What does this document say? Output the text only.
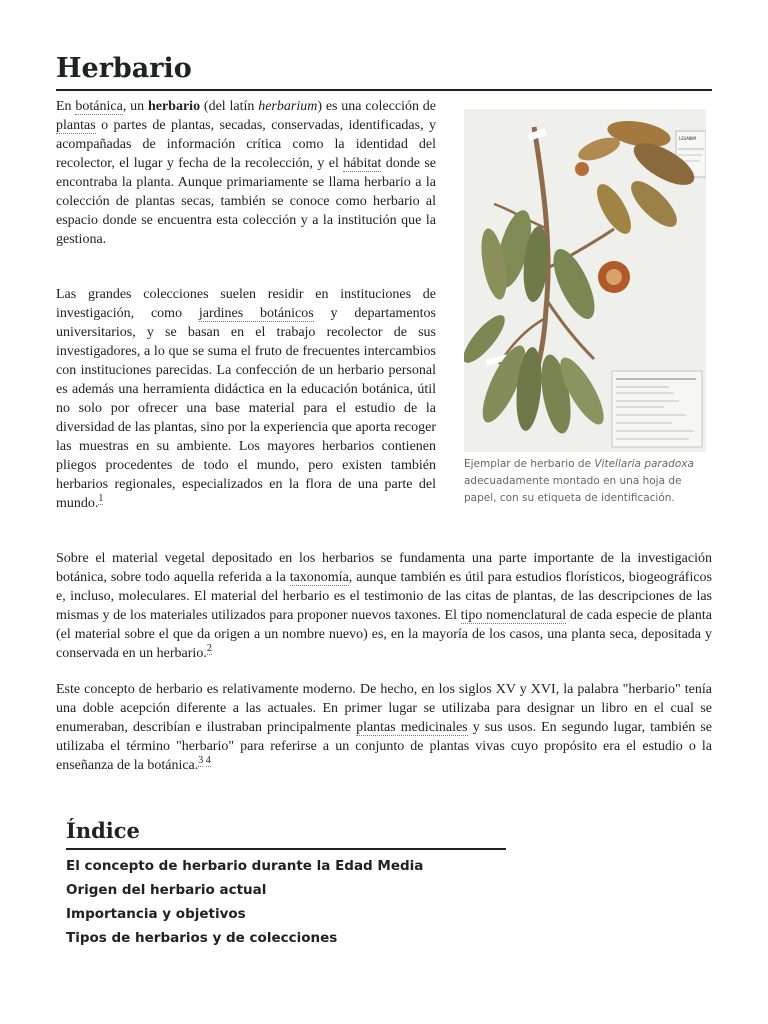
Herbario

En botánica, un herbario (del latín herbarium) es una colección de plantas o partes de plantas, secadas, conservadas, identificadas, y acompañadas de información crítica como la identidad del recolector, el lugar y fecha de la recolección, y el hábitat donde se encontraba la planta. Aunque primariamente se llama herbario a la colección de plantas secas, también se conoce como herbario al espacio donde se encuentra esta colección y a la institución que la gestiona.

Las grandes colecciones suelen residir en instituciones de investigación, como jardines botánicos y departamentos universitarios, y se basan en el trabajo recolector de sus investigadores, a lo que se suma el fruto de frecuentes intercambios con instituciones parecidas. La confección de un herbario personal es además una herramienta didáctica en la educación botánica, útil no solo por ofrecer una base material para el estudio de la diversidad de las plantas, sino por la experiencia que aporta recoger las muestras en su ambiente. Los mayores herbarios contienen pliegos procedentes de todo el mundo, pero existen también herbarios regionales, especializados en la flora de una parte del mundo.$^1$

LEGANUM
Ejemplar de herbario de Vitellaria paradoxa adecuadamente montado en una hoja de papel, con su etiqueta de identificación.

Sobre el material vegetal depositado en los herbarios se fundamenta una parte importante de la investigación botánica, sobre todo aquella referida a la taxonomía, aunque también es útil para estudios florísticos, biogeográficos e, incluso, moleculares. El material del herbario es el testimonio de las citas de plantas, de las descripciones de las mismas y de los materiales utilizados para proponer nuevos taxones. El tipo nomenclatural de cada especie de planta (el material sobre el que da origen a un nombre nuevo) es, en la mayoría de los casos, una planta seca, depositada y conservada en un herbario.$^2$

Este concepto de herbario es relativamente moderno. De hecho, en los siglos XV y XVI, la palabra "herbario" tenía una doble acepción diferente a las actuales. En primer lugar se utilizaba para designar un libro en el cual se enumeraban, describían e ilustraban principalmente plantas medicinales y sus usos. En segundo lugar, también se utilizaba el término "herbario" para referirse a un conjunto de plantas vivas cuyo propósito era el estudio o la enseñanza de la botánica.$^3$ $^4$

Índice
El concepto de herbario durante la Edad Media
Origen del herbario actual
Importancia y objetivos
Tipos de herbarios y de colecciones
